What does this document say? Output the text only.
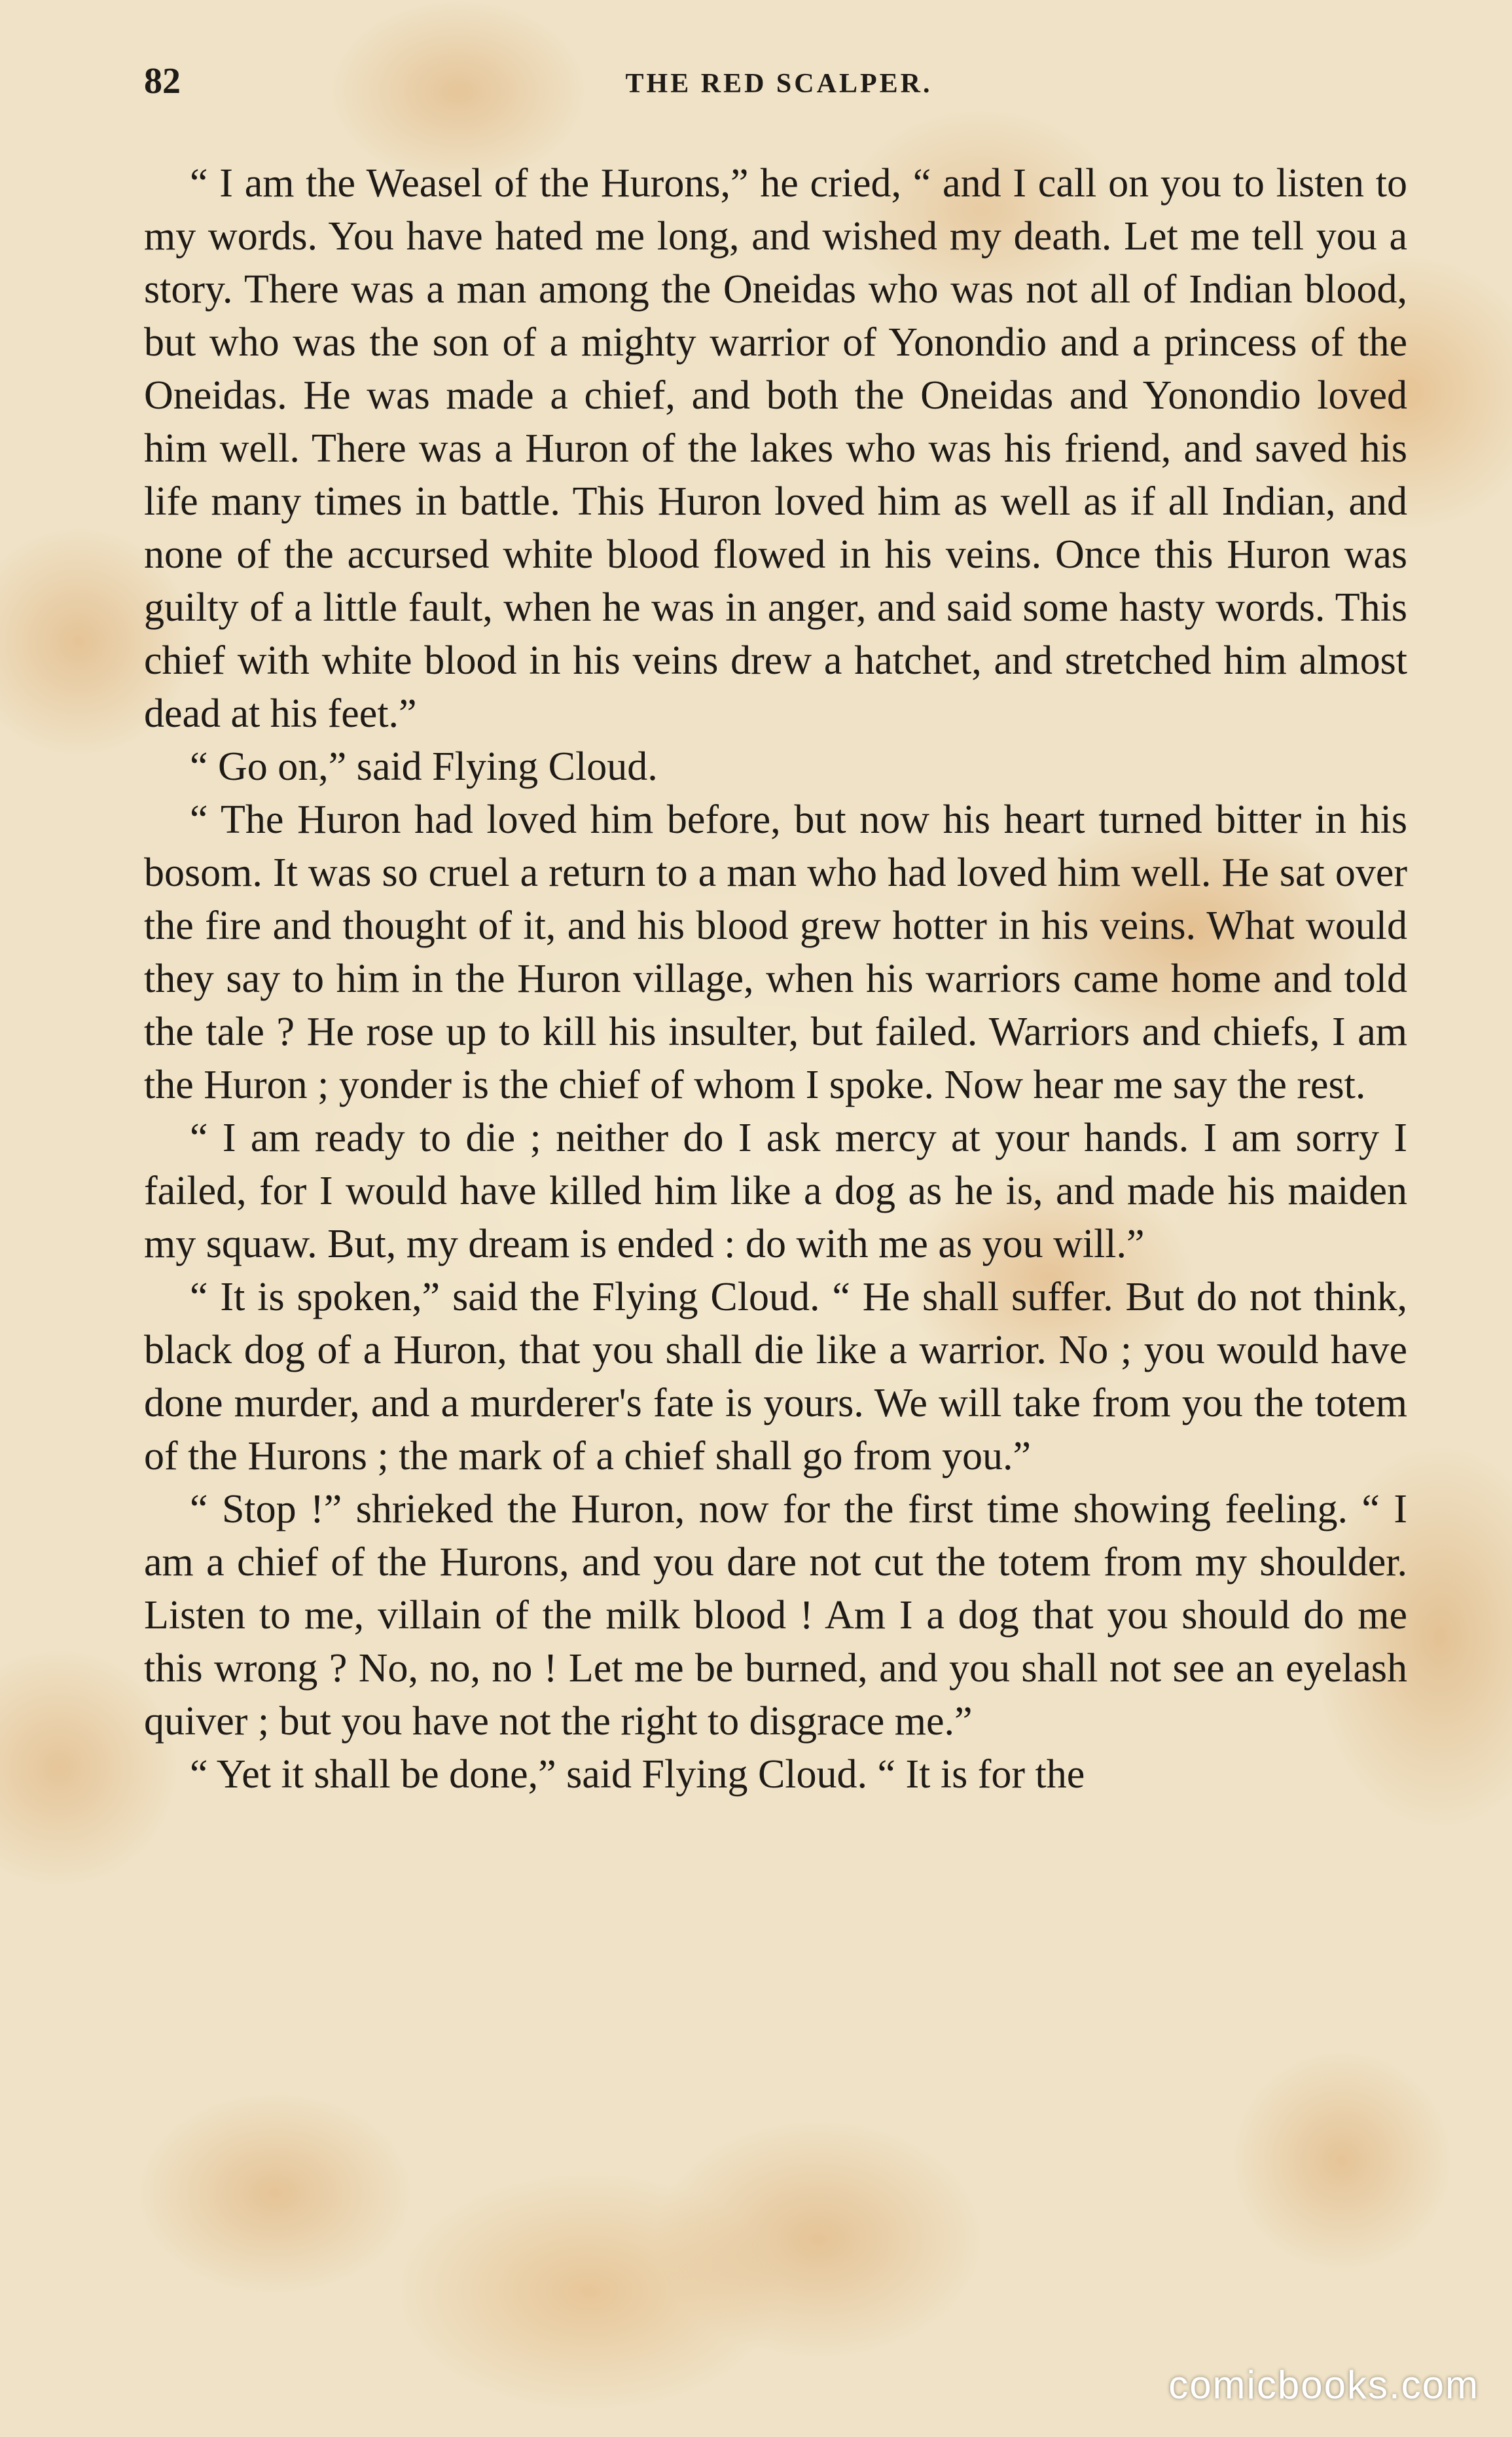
82	THE RED SCALPER.

“ I am the Weasel of the Hurons,” he cried, “ and I call on you to listen to my words. You have hated me long, and wished my death. Let me tell you a story. There was a man among the Oneidas who was not all of Indian blood, but who was the son of a mighty warrior of Yonondio and a princess of the Oneidas. He was made a chief, and both the Oneidas and Yonondio loved him well. There was a Huron of the lakes who was his friend, and saved his life many times in battle. This Huron loved him as well as if all Indian, and none of the accursed white blood flowed in his veins. Once this Huron was guilty of a little fault, when he was in anger, and said some hasty words. This chief with white blood in his veins drew a hatchet, and stretched him almost dead at his feet.”

“ Go on,” said Flying Cloud.

“ The Huron had loved him before, but now his heart turned bitter in his bosom. It was so cruel a return to a man who had loved him well. He sat over the fire and thought of it, and his blood grew hotter in his veins. What would they say to him in the Huron village, when his warriors came home and told the tale ? He rose up to kill his insulter, but failed. Warriors and chiefs, I am the Huron ; yonder is the chief of whom I spoke. Now hear me say the rest.

“ I am ready to die ; neither do I ask mercy at your hands. I am sorry I failed, for I would have killed him like a dog as he is, and made his maiden my squaw. But, my dream is ended : do with me as you will.”

“ It is spoken,” said the Flying Cloud. “ He shall suffer. But do not think, black dog of a Huron, that you shall die like a warrior. No ; you would have done murder, and a murderer's fate is yours. We will take from you the totem of the Hurons ; the mark of a chief shall go from you.”

“ Stop !” shrieked the Huron, now for the first time showing feeling. “ I am a chief of the Hurons, and you dare not cut the totem from my shoulder. Listen to me, villain of the milk blood ! Am I a dog that you should do me this wrong ? No, no, no ! Let me be burned, and you shall not see an eyelash quiver ; but you have not the right to disgrace me.”

“ Yet it shall be done,” said Flying Cloud. “ It is for the

comicbooks.com
